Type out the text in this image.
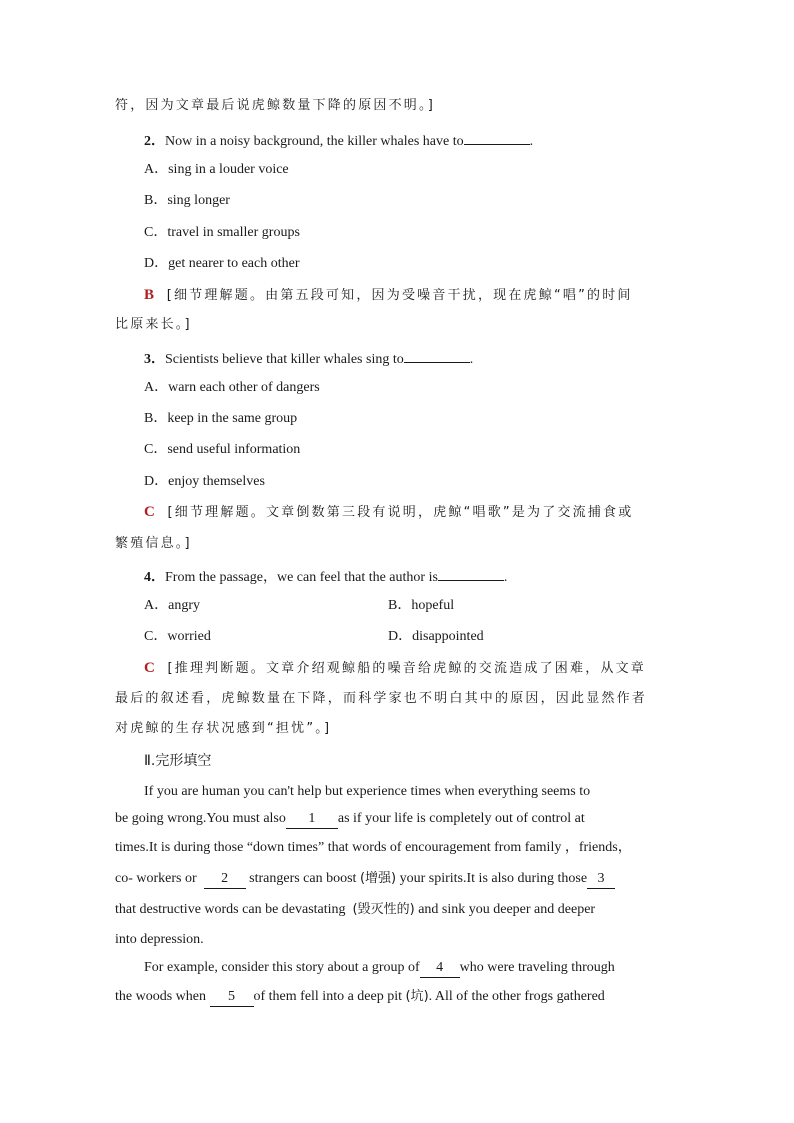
符，因为文章最后说虎鲸数量下降的原因不明。]
2．Now in a noisy background, the killer whales have to	.
A．sing in a louder voice
B．sing longer
C．travel in smaller groups
D．get nearer to each other
B [细节理解题。由第五段可知，因为受噪音干扰，现在虎鲸“唱”的时间
比原来长。]
3．Scientists believe that killer whales sing to	.
A．warn each other of dangers
B．keep in the same group
C．send useful information
D．enjoy themselves
C [细节理解题。文章倒数第三段有说明，虎鲸“唱歌”是为了交流捕食或
繁殖信息。]
4．From the passage，we can feel that the author is	.
A．angry	B．hopeful
C．worried	D．disappointed
C [推理判断题。文章介绍观鲸船的噪音给虎鲸的交流造成了困难，从文章
最后的叙述看，虎鲸数量在下降，而科学家也不明白其中的原因，因此显然作者
对虎鲸的生存状况感到“担忧”。]
Ⅱ.完形填空
If you are human you can't help but experience times when everything seems to
be going wrong.You must also 1 as if your life is completely out of control at
times.It is during those “down times” that words of encouragement from family ，friends，
co- workers or 2 strangers can boost (增强) your spirits.It is also during those 3
that destructive words can be devastating (毁灭性的) and sink you deeper and deeper
into depression.
For example, consider this story about a group of 4 who were traveling through
the woods when 5 of them fell into a deep pit (坑). All of the other frogs gathered
